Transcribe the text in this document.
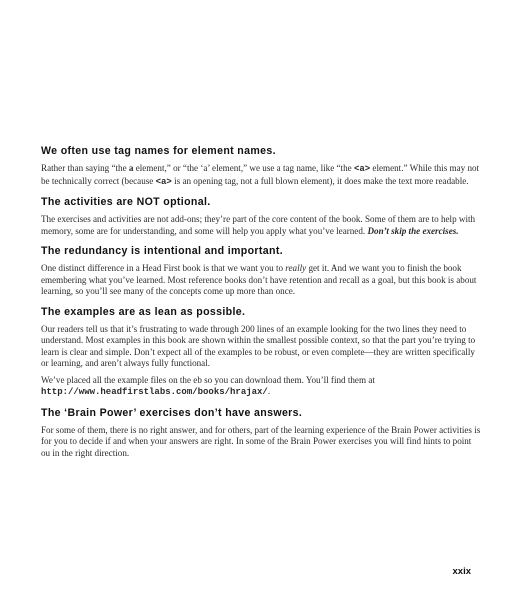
We often use tag names for element names.

Rather than saying “the a element,” or “the ‘a’ element,” we use a tag name, like “the <a> element.” While this may not be technically correct (because <a> is an opening tag, not a full blown element), it does make the text more readable.

The activities are NOT optional.

The exercises and activities are not add-ons; they’re part of the core content of the book. Some of them are to help with memory, some are for understanding, and some will help you apply what you’ve learned. Don’t skip the exercises.

The redundancy is intentional and important.

One distinct difference in a Head First book is that we want you to really get it. And we want you to finish the book emembering what you’ve learned. Most reference books don’t have retention and recall as a goal, but this book is about learning, so you’ll see many of the concepts come up more than once.

The examples are as lean as possible.

Our readers tell us that it’s frustrating to wade through 200 lines of an example looking for the two lines they need to understand. Most examples in this book are shown within the smallest possible context, so that the part you’re trying to learn is clear and simple. Don’t expect all of the examples to be robust, or even complete—they are written specifically or learning, and aren’t always fully functional.

We’ve placed all the example files on the eb so you can download them. You’ll find them at http://www.headfirstlabs.com/books/hrajax/.

The ‘Brain Power’ exercises don’t have answers.

For some of them, there is no right answer, and for others, part of the learning experience of the Brain Power activities is for you to decide if and when your answers are right. In some of the Brain Power exercises you will find hints to point ou in the right direction.

xxix
